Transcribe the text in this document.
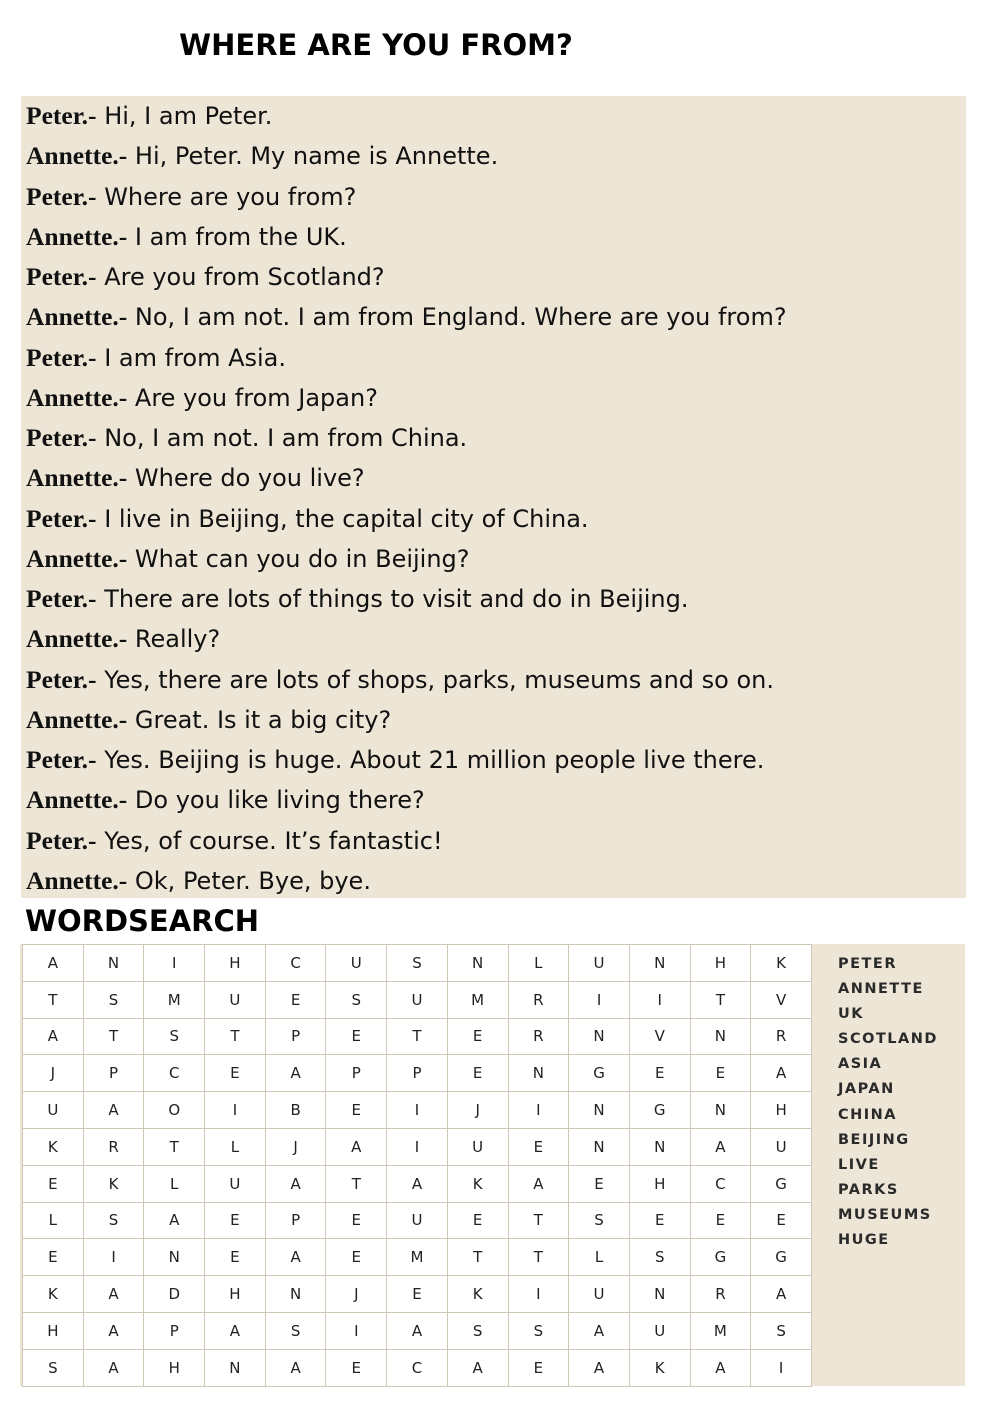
WHERE ARE YOU FROM?
Peter.- Hi, I am Peter.
Annette.- Hi, Peter. My name is Annette.
Peter.- Where are you from?
Annette.- I am from the UK.
Peter.- Are you from Scotland?
Annette.- No, I am not. I am from England. Where are you from?
Peter.- I am from Asia.
Annette.- Are you from Japan?
Peter.- No, I am not. I am from China.
Annette.- Where do you live?
Peter.- I live in Beijing, the capital city of China.
Annette.- What can you do in Beijing?
Peter.- There are lots of things to visit and do in Beijing.
Annette.- Really?
Peter.- Yes, there are lots of shops, parks, museums and so on.
Annette.- Great. Is it a big city?
Peter.- Yes. Beijing is huge. About 21 million people live there.
Annette.- Do you like living there?
Peter.- Yes, of course. It’s fantastic!
Annette.- Ok, Peter. Bye, bye.
WORDSEARCH
A	N	I	H	C	U	S	N	L	U	N	H	K
T	S	M	U	E	S	U	M	R	I	I	T	V
A	T	S	T	P	E	T	E	R	N	V	N	R
J	P	C	E	A	P	P	E	N	G	E	E	A
U	A	O	I	B	E	I	J	I	N	G	N	H
K	R	T	L	J	A	I	U	E	N	N	A	U
E	K	L	U	A	T	A	K	A	E	H	C	G
L	S	A	E	P	E	U	E	T	S	E	E	E
E	I	N	E	A	E	M	T	T	L	S	G	G
K	A	D	H	N	J	E	K	I	U	N	R	A
H	A	P	A	S	I	A	S	S	A	U	M	S
S	A	H	N	A	E	C	A	E	A	K	A	I
PETER
ANNETTE
UK
SCOTLAND
ASIA
JAPAN
CHINA
BEIJING
LIVE
PARKS
MUSEUMS
HUGE
